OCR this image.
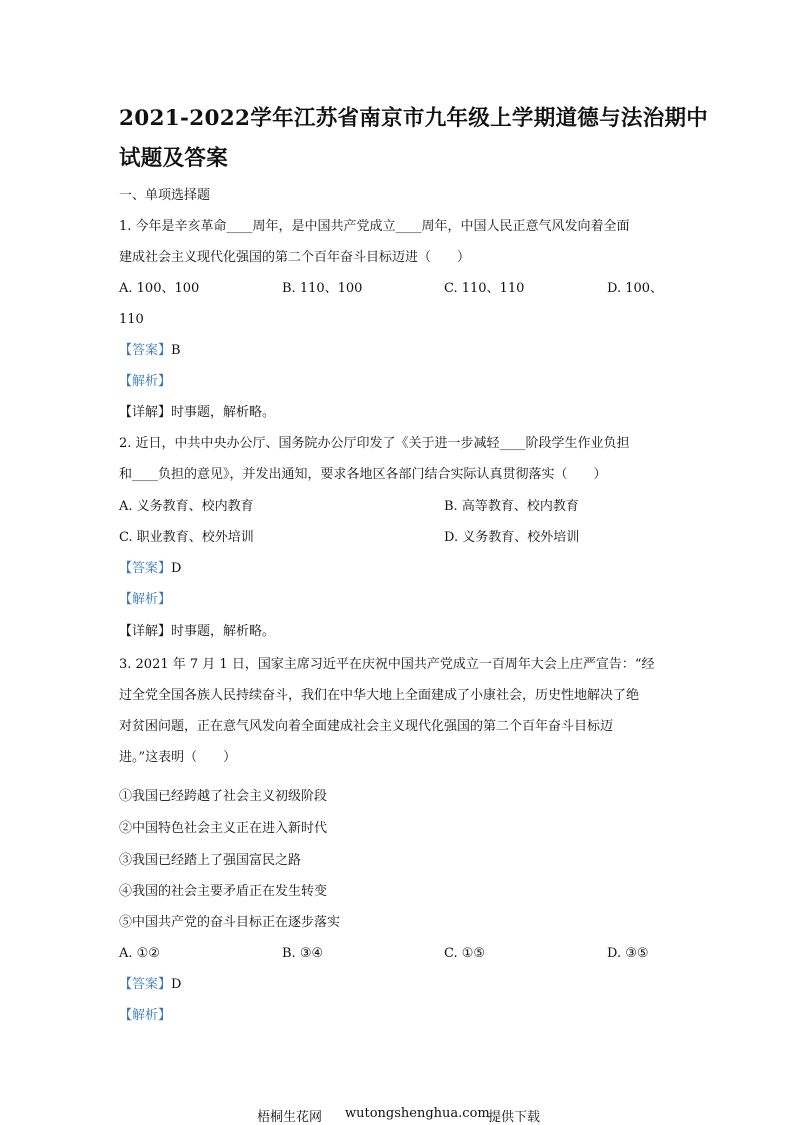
2021-2022学年江苏省南京市九年级上学期道德与法治期中
试题及答案
一、单项选择题
1. 今年是辛亥革命____周年，是中国共产党成立____周年，中国人民正意气风发向着全面
建成社会主义现代化强国的第二个百年奋斗目标迈进（　　）
A. 100、100	B. 110、100	C. 110、110	D. 100、
110
【答案】B
【解析】
【详解】时事题，解析略。
2. 近日，中共中央办公厅、国务院办公厅印发了《关于进一步减轻____阶段学生作业负担
和____负担的意见》，并发出通知，要求各地区各部门结合实际认真贯彻落实（　　）
A. 义务教育、校内教育	B. 高等教育、校内教育
C. 职业教育、校外培训	D. 义务教育、校外培训
【答案】D
【解析】
【详解】时事题，解析略。
3. 2021 年 7 月 1 日，国家主席习近平在庆祝中国共产党成立一百周年大会上庄严宣告：“经
过全党全国各族人民持续奋斗，我们在中华大地上全面建成了小康社会，历史性地解决了绝
对贫困问题，正在意气风发向着全面建成社会主义现代化强国的第二个百年奋斗目标迈
进。”这表明（　　）
①我国已经跨越了社会主义初级阶段
②中国特色社会主义正在进入新时代
③我国已经踏上了强国富民之路
④我国的社会主要矛盾正在发生转变
⑤中国共产党的奋斗目标正在逐步落实
A. ①②	B. ③④	C. ①⑤	D. ③⑤
【答案】D
【解析】
梧桐生花网 wutongshenghua.com
提供下载
